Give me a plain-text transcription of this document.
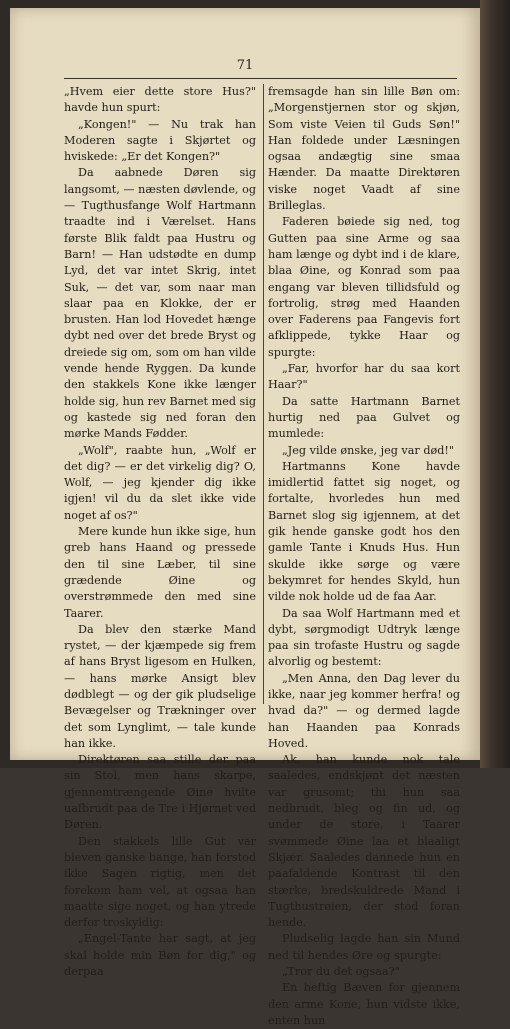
71

„Hvem eier dette store Hus?" havde hun spurt:

„Kongen!" — Nu trak han Moderen sagte i Skjørtet og hviskede: „Er det Kongen?"

Da aabnede Døren sig langsomt, — næsten døvlende, og — Tugthusfange Wolf Hartmann traadte ind i Værelset. Hans første Blik faldt paa Hustru og Barn! — Han udstødte en dump Lyd, det var intet Skrig, intet Suk, — det var, som naar man slaar paa en Klokke, der er brusten. Han lod Hovedet hænge dybt ned over det brede Bryst og dreiede sig om, som om han vilde vende hende Ryggen. Da kunde den stakkels Kone ikke længer holde sig, hun rev Barnet med sig og kastede sig ned foran den mørke Mands Fødder.

„Wolf", raabte hun, „Wolf er det dig? — er det virkelig dig? O, Wolf, — jeg kjender dig ikke igjen! vil du da slet ikke vide noget af os?"

Mere kunde hun ikke sige, hun greb hans Haand og pressede den til sine Læber, til sine grædende Øine og overstrømmede den med sine Taarer.

Da blev den stærke Mand rystet, — der kjæmpede sig frem af hans Bryst ligesom en Hulken, — hans mørke Ansigt blev dødblegt — og der gik pludselige Bevægelser og Trækninger over det som Lynglimt, — tale kunde han ikke.

Direktøren saa stille der paa sin Stol, men hans skarpe, gjennemtrængende Øine hvilte uafbrudt paa de Tre i Hjørnet ved Døren.

Den stakkels lille Gut var bleven ganske bange, han forstod ikke Sagen rigtig, men det forekom ham vel, at ogsaa han maatte sige noget, og han ytrede derfor troskyldig:

„Engel-Tante har sagt, at jeg skal holde min Bøn for dig," og derpaa

fremsagde han sin lille Bøn om: „Morgenstjernen stor og skjøn, Som viste Veien til Guds Søn!" Han foldede under Læsningen ogsaa andægtig sine smaa Hænder. Da maatte Direktøren viske noget Vaadt af sine Brilleglas.

Faderen bøiede sig ned, tog Gutten paa sine Arme og saa ham længe og dybt ind i de klare, blaa Øine, og Konrad som paa engang var bleven tillidsfuld og fortrolig, strøg med Haanden over Faderens paa Fangevis fort afklippede, tykke Haar og spurgte:

„Far, hvorfor har du saa kort Haar?"

Da satte Hartmann Barnet hurtig ned paa Gulvet og mumlede:

„Jeg vilde ønske, jeg var død!"

Hartmanns Kone havde imidlertid fattet sig noget, og fortalte, hvorledes hun med Barnet slog sig igjennem, at det gik hende ganske godt hos den gamle Tante i Knuds Hus. Hun skulde ikke sørge og være bekymret for hendes Skyld, hun vilde nok holde ud de faa Aar.

Da saa Wolf Hartmann med et dybt, sørgmodigt Udtryk længe paa sin trofaste Hustru og sagde alvorlig og bestemt:

„Men Anna, den Dag lever du ikke, naar jeg kommer herfra! og hvad da?" — og dermed lagde han Haanden paa Konrads Hoved.

Ak, han kunde nok tale saaledes, endskjønt det næsten var grusomt; thi hun saa nedbrudt, bleg og fin ud, og under de store, i Taarer svømmede Øine laa et blaaligt Skjær. Saaledes dannede hun en paafaldende Kontrast til den stærke, bredskuldrede Mand i Tugthustrøien, der stod foran hende.

Pludselig lagde han sin Mund ned til hendes Øre og spurgte:

„Tror du det ogsaa?"

En heftig Bæven for gjennem den arme Kone, hun vidste ikke, enten hun
